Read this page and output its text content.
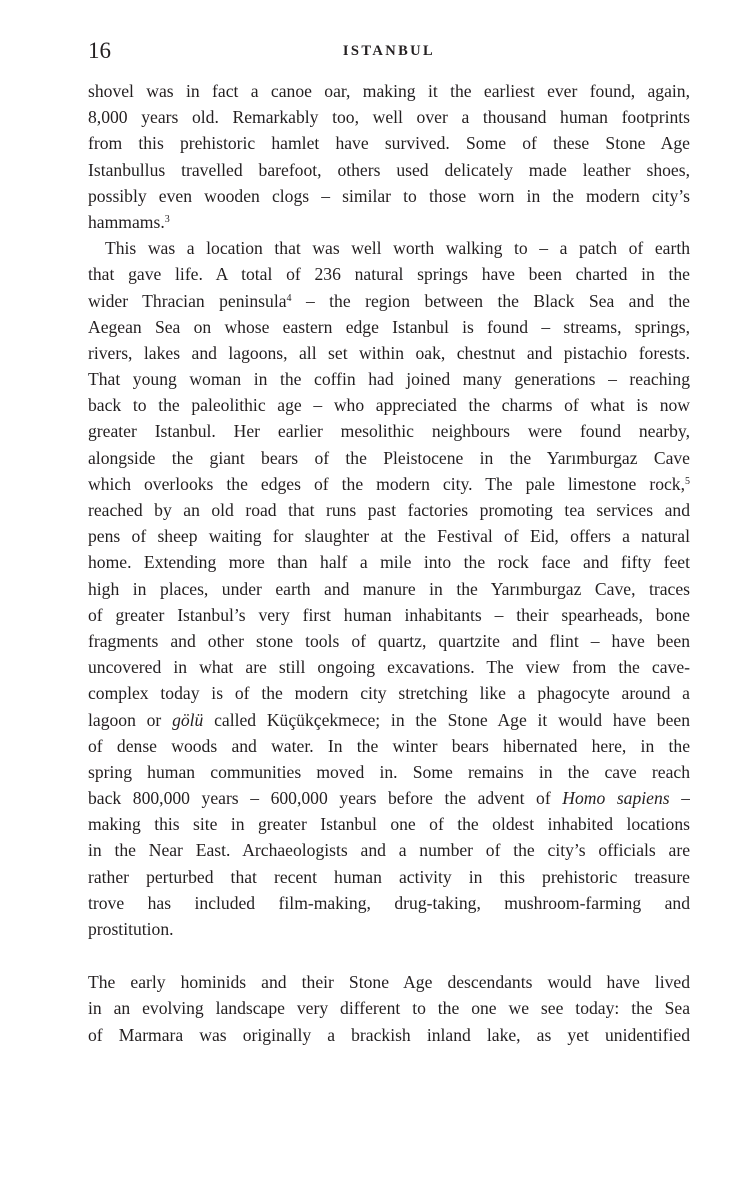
16	ISTANBUL
shovel was in fact a canoe oar, making it the earliest ever found, again,
8,000 years old. Remarkably too, well over a thousand human footprints
from this prehistoric hamlet have survived. Some of these Stone Age
Istanbullus travelled barefoot, others used delicately made leather shoes,
possibly even wooden clogs – similar to those worn in the modern city’s
hammams.$^3$
This was a location that was well worth walking to – a patch of earth
that gave life. A total of 236 natural springs have been charted in the
wider Thracian peninsula$^4$ – the region between the Black Sea and the
Aegean Sea on whose eastern edge Istanbul is found – streams, springs,
rivers, lakes and lagoons, all set within oak, chestnut and pistachio forests.
That young woman in the coffin had joined many generations – reaching
back to the paleolithic age – who appreciated the charms of what is now
greater Istanbul. Her earlier mesolithic neighbours were found nearby,
alongside the giant bears of the Pleistocene in the Yarımburgaz Cave
which overlooks the edges of the modern city. The pale limestone rock,$^5$
reached by an old road that runs past factories promoting tea services and
pens of sheep waiting for slaughter at the Festival of Eid, offers a natural
home. Extending more than half a mile into the rock face and fifty feet
high in places, under earth and manure in the Yarımburgaz Cave, traces
of greater Istanbul’s very first human inhabitants – their spearheads, bone
fragments and other stone tools of quartz, quartzite and flint – have been
uncovered in what are still ongoing excavations. The view from the cave-
complex today is of the modern city stretching like a phagocyte around a
lagoon or gölü called Küçükçekmece; in the Stone Age it would have been
of dense woods and water. In the winter bears hibernated here, in the
spring human communities moved in. Some remains in the cave reach
back 800,000 years – 600,000 years before the advent of Homo sapiens –
making this site in greater Istanbul one of the oldest inhabited locations
in the Near East. Archaeologists and a number of the city’s officials are
rather perturbed that recent human activity in this prehistoric treasure
trove has included film-making, drug-taking, mushroom-farming and
prostitution.
The early hominids and their Stone Age descendants would have lived
in an evolving landscape very different to the one we see today: the Sea
of Marmara was originally a brackish inland lake, as yet unidentified
